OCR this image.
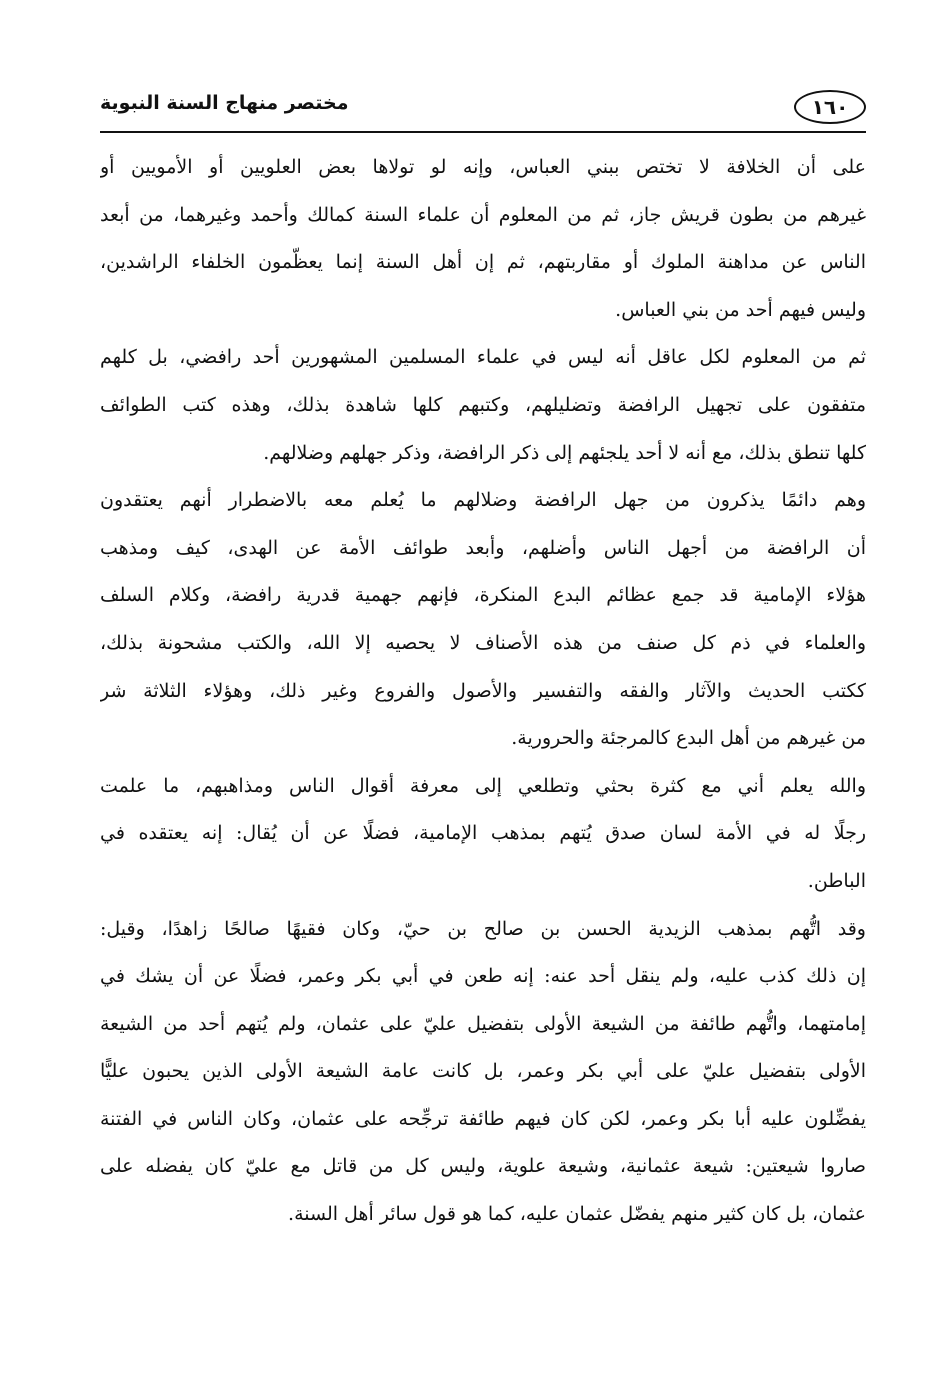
١٦٠
مختصر منهاج السنة النبوية
على أن الخلافة لا تختص ببني العباس، وإنه لو تولاها بعض العلويين أو الأمويين أو
غيرهم من بطون قريش جاز، ثم من المعلوم أن علماء السنة كمالك وأحمد وغيرهما، من أبعد
الناس عن مداهنة الملوك أو مقاربتهم، ثم إن أهل السنة إنما يعظّمون الخلفاء الراشدين،
وليس فيهم أحد من بني العباس.
ثم من المعلوم لكل عاقل أنه ليس في علماء المسلمين المشهورين أحد رافضي، بل كلهم
متفقون على تجهيل الرافضة وتضليلهم، وكتبهم كلها شاهدة بذلك، وهذه كتب الطوائف
كلها تنطق بذلك، مع أنه لا أحد يلجئهم إلى ذكر الرافضة، وذكر جهلهم وضلالهم.
وهم دائمًا يذكرون من جهل الرافضة وضلالهم ما يُعلم معه بالاضطرار أنهم يعتقدون
أن الرافضة من أجهل الناس وأضلهم، وأبعد طوائف الأمة عن الهدى، كيف ومذهب
هؤلاء الإمامية قد جمع عظائم البدع المنكرة، فإنهم جهمية قدرية رافضة، وكلام السلف
والعلماء في ذم كل صنف من هذه الأصناف لا يحصيه إلا الله، والكتب مشحونة بذلك،
ككتب الحديث والآثار والفقه والتفسير والأصول والفروع وغير ذلك، وهؤلاء الثلاثة شر
من غيرهم من أهل البدع كالمرجئة والحرورية.
والله يعلم أني مع كثرة بحثي وتطلعي إلى معرفة أقوال الناس ومذاهبهم، ما علمت
رجلًا له في الأمة لسان صدق يُتهم بمذهب الإمامية، فضلًا عن أن يُقال: إنه يعتقده في
الباطن.
وقد اتُّهم بمذهب الزيدية الحسن بن صالح بن حيّ، وكان فقيهًا صالحًا زاهدًا، وقيل:
إن ذلك كذب عليه، ولم ينقل أحد عنه: إنه طعن في أبي بكر وعمر، فضلًا عن أن يشك في
إمامتهما، واتُّهم طائفة من الشيعة الأولى بتفضيل عليّ على عثمان، ولم يُتهم أحد من الشيعة
الأولى بتفضيل عليّ على أبي بكر وعمر، بل كانت عامة الشيعة الأولى الذين يحبون عليًّا
يفضِّلون عليه أبا بكر وعمر، لكن كان فيهم طائفة ترجِّحه على عثمان، وكان الناس في الفتنة
صاروا شيعتين: شيعة عثمانية، وشيعة علوية، وليس كل من قاتل مع عليّ كان يفضله على
عثمان، بل كان كثير منهم يفضّل عثمان عليه، كما هو قول سائر أهل السنة.
